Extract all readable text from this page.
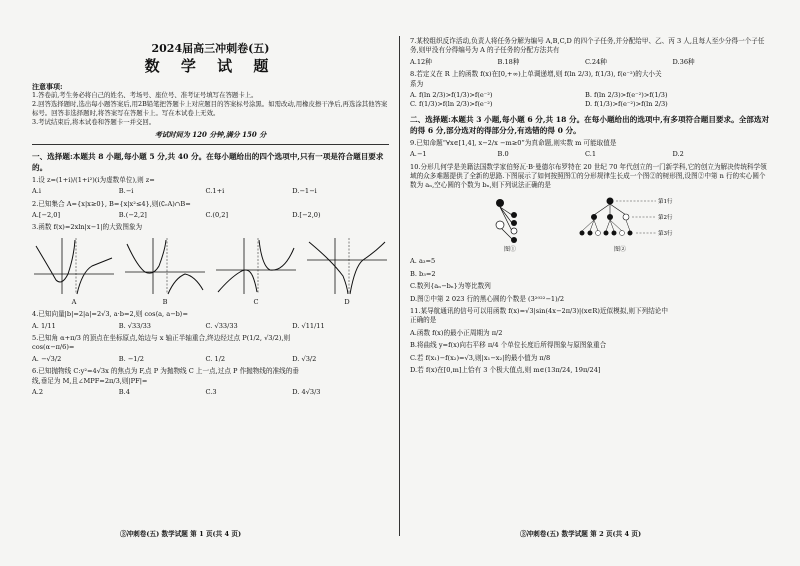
2024届高三冲刺卷(五)
数 学 试 题
注意事项:
1.答卷前,考生务必将自己的姓名、考场号、座位号、准考证号填写在答题卡上。
2.回答选择题时,选出每小题答案后,用2B铅笔把答题卡上对应题目的答案标号涂黑。如需改动,用橡皮擦干净后,再选涂其他答案标号。回答非选择题时,将答案写在答题卡上。写在本试卷上无效。
3.考试结束后,将本试卷和答题卡一并交回。
考试时间为 120 分钟,满分 150 分
一、选择题:本题共 8 小题,每小题 5 分,共 40 分。在每小题给出的四个选项中,只有一项是符合题目要求的。
1.设 z=(1+i)/(1+i²)(i为虚数单位),则 z=
A.i	B.−i	C.1+i	D.−1−i
2.已知集合 A={x|x≥0}, B={x|x²≤4},则(∁ᵣA)∩B=
A.[−2,0]	B.(−2,2]	C.(0,2]	D.[−2,0)
3.函数 f(x)=2xln|x−1|的大致图象为
A	B	C	D
4.已知向量|b|=2|a|=2√3, a·b=2,则 cos⟨a, a−b⟩=
A. 1/11	B. √33/33	C. √33/33	D. √11/11
5.已知角 α+π/3 的顶点在坐标原点,始边与 x 轴正半轴重合,终边经过点 P(1/2, √3/2),则
cos(α−π/6)=
A. −√3/2	B. −1/2	C. 1/2	D. √3/2
6.已知抛物线 C:y²=4√3x 的焦点为 F,点 P 为抛物线 C 上一点,过点 P 作抛物线的准线的垂
线,垂足为 M,且∠MPF=2π/3,则|PF|=
A.2	B.4	C.3	D. 4√3/3
7.某校组织反诈活动,负责人将任务分解为编号 A,B,C,D 的四个子任务,并分配给甲、乙、丙 3 人,且每人至少分得一个子任务,则甲没有分得编号为 A 的子任务的分配方法共有
A.12种	B.18种	C.24种	D.36种
8.若定义在 R 上的函数 f(x)在[0,+∞)上单调递增,则 f(ln 2/3), f(1/3), f(e⁻²)的大小关
系为
A. f(ln 2/3)>f(1/3)>f(e⁻²)	B. f(ln 2/3)>f(e⁻²)>f(1/3)
C. f(1/3)>f(ln 2/3)>f(e⁻²)	D. f(1/3)>f(e⁻²)>f(ln 2/3)
二、选择题:本题共 3 小题,每小题 6 分,共 18 分。在每小题给出的选项中,有多项符合题目要求。全部选对的得 6 分,部分选对的得部分分,有选错的得 0 分。
9.已知命题“∀x∈[1,4], x−2/x −m≥0”为真命题,则实数 m 可能取值是
A.−1	B.0	C.1	D.2
10.分形几何学是美籍法国数学家伯努瓦·B·曼德尔布罗特在 20 世纪 70 年代创立的一门新学科,它的创立为解决传统科学领域的众多难题提供了全新的思路.下图展示了如何按照图①的分形规律生长成一个图②的树形图,设图②中第 n 行的实心圆个数为 aₙ,空心圆的个数为 bₙ,则下列说法正确的是
图①
第1行
第2行
第3行
图②
A. a₃=5
B. b₃=2
C.数列{aₙ−bₙ}为等比数列
D.图②中第 2 023 行的黑心圆的个数是 (3²⁰²²−1)/2
11.某导航通讯的信号可以用函数 f(x)=√3|sin(4x−2π/3)|(x∈R)近似模拟,则下列结论中
正确的是
A.函数 f(x)的最小正周期为 π/2
B.将曲线 y=f(x)向右平移 π/4 个单位长度后所得图象与原图象重合
C.若 f(x₁)−f(x₂)=√3,则|x₁−x₂|的最小值为 π/8
D.若 f(x)在[0,m]上恰有 3 个极大值点,则 m∈(13π/24, 19π/24]
③冲刺卷(五) 数学试题 第 1 页(共 4 页)	③冲刺卷(五) 数学试题 第 2 页(共 4 页)
